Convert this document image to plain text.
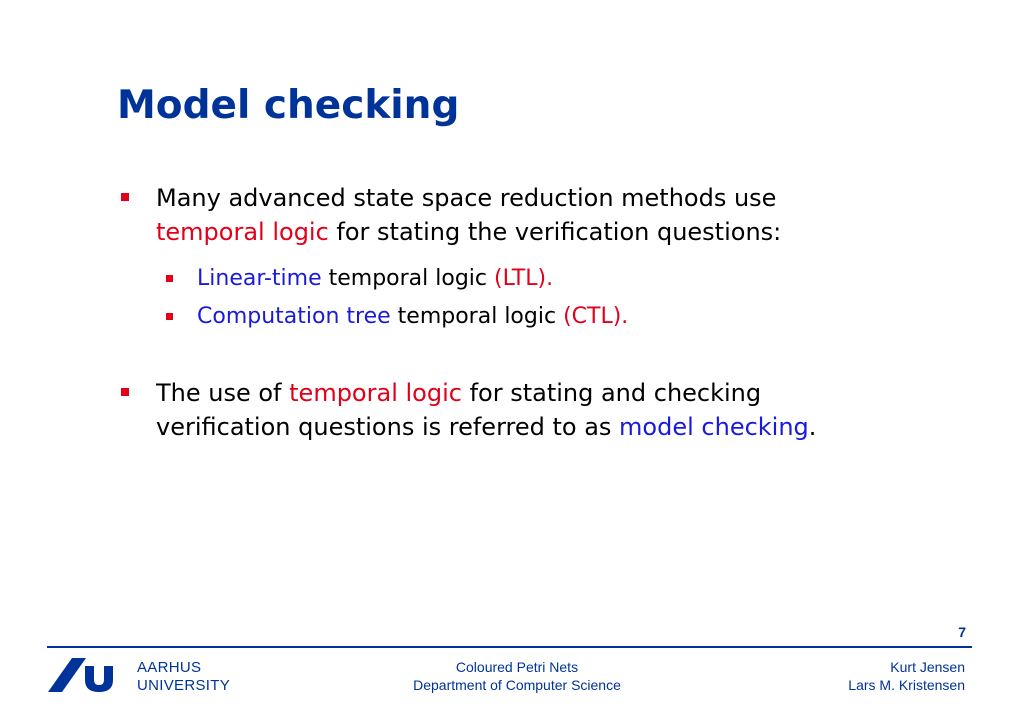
Model checking
Many advanced state space reduction methods use
temporal logic for stating the verification questions:
Linear-time temporal logic (LTL).
Computation tree temporal logic (CTL).
The use of temporal logic for stating and checking
verification questions is referred to as model checking.
7
AARHUS
UNIVERSITY
Coloured Petri Nets
Department of Computer Science
Kurt Jensen
Lars M. Kristensen
